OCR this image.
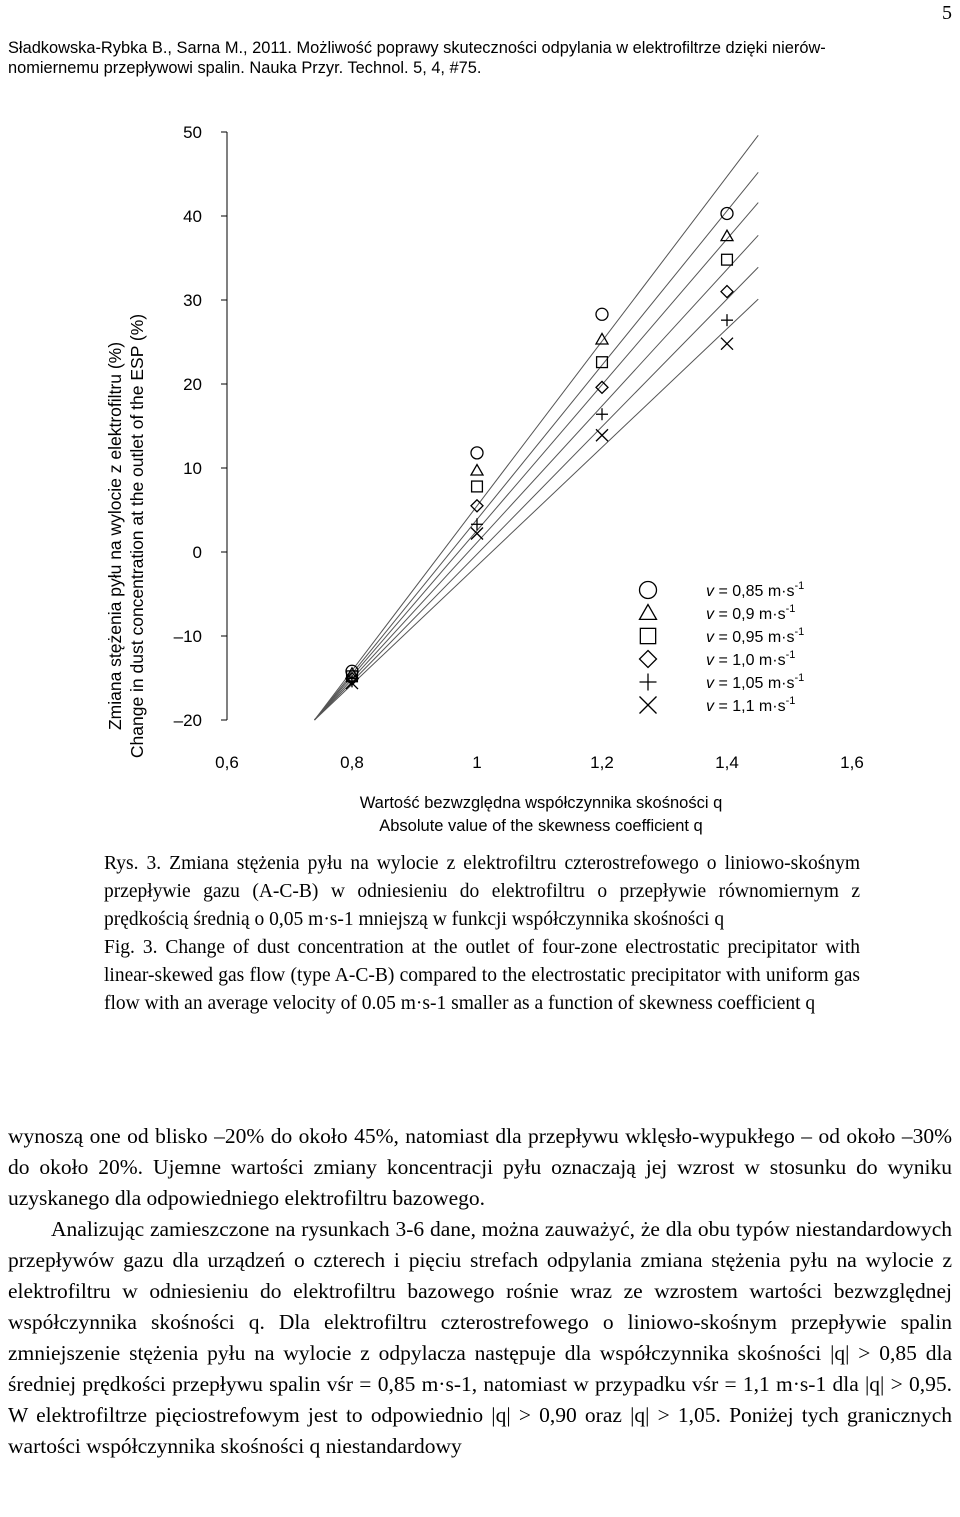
5
Sładkowska-Rybka B., Sarna M., 2011. Możliwość poprawy skuteczności odpylania w elektrofiltrze dzięki nierów-
nomiernemu przepływowi spalin. Nauka Przyr. Technol. 5, 4, #75.
50
40
30
20
10
0
–10
–20
0,6	0,8	1	1,2	1,4	1,6
Zmiana stężenia pyłu na wylocie z elektrofiltru (%) Change in dust concentration at the outlet of the ESP (%)
Wartość bezwzględna współczynnika skośności q
Absolute value of the skewness coefficient q
v = 0,85 $m\cdot s^{-1}$
v = 0,9 $m\cdot s^{-1}$
v = 0,95 $m\cdot s^{-1}$
v = 1,0 $m\cdot s^{-1}$
v = 1,05 $m\cdot s^{-1}$
v = 1,1 $m\cdot s^{-1}$

Rys. 3. Zmiana stężenia pyłu na wylocie z elektrofiltru czterostrefowego o liniowo-skośnym przepływie gazu (A-C-B) w odniesieniu do elektrofiltru o przepływie równomiernym z prędkością średnią o 0,05 m·s-1 mniejszą w funkcji współczynnika skośności q

Fig. 3. Change of dust concentration at the outlet of four-zone electrostatic precipitator with linear-skewed gas flow (type A-C-B) compared to the electrostatic precipitator with uniform gas flow with an average velocity of 0.05 m·s-1 smaller as a function of skewness coefficient q

wynoszą one od blisko –20% do około 45%, natomiast dla przepływu wklęsło-wypukłego – od około –30% do około 20%. Ujemne wartości zmiany koncentracji pyłu oznaczają jej wzrost w stosunku do wyniku uzyskanego dla odpowiedniego elektrofiltru bazowego.

Analizując zamieszczone na rysunkach 3-6 dane, można zauważyć, że dla obu typów niestandardowych przepływów gazu dla urządzeń o czterech i pięciu strefach odpylania zmiana stężenia pyłu na wylocie z elektrofiltru w odniesieniu do elektrofiltru bazowego rośnie wraz ze wzrostem wartości bezwzględnej współczynnika skośności q. Dla elektrofiltru czterostrefowego o liniowo-skośnym przepływie spalin zmniejszenie stężenia pyłu na wylocie z odpylacza następuje dla współczynnika skośności |q| > 0,85 dla średniej prędkości przepływu spalin vśr = 0,85 m·s-1, natomiast w przypadku vśr = 1,1 m·s-1 dla |q| > 0,95. W elektrofiltrze pięciostrefowym jest to odpowiednio |q| > 0,90 oraz |q| > 1,05. Poniżej tych granicznych wartości współczynnika skośności q niestandardowy
